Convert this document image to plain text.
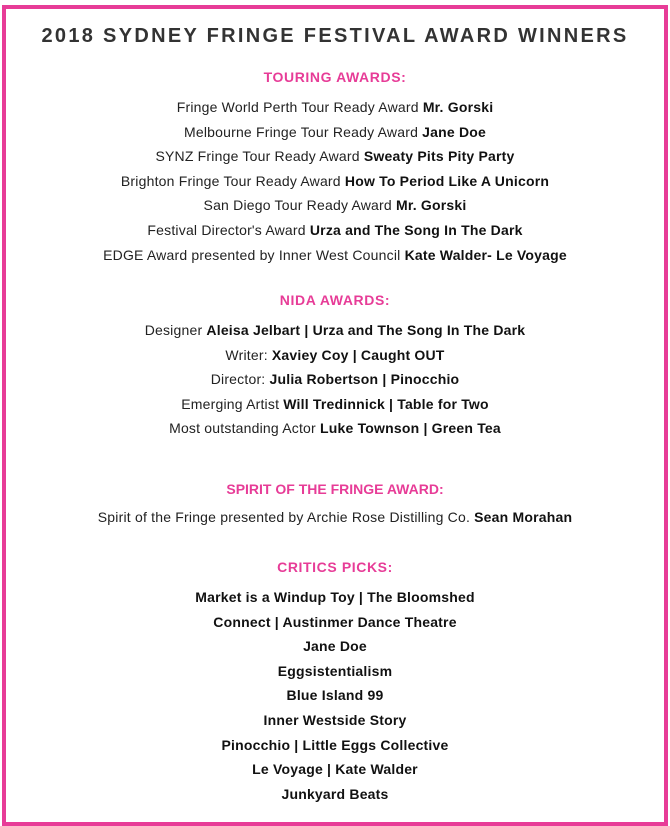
2018 SYDNEY FRINGE FESTIVAL AWARD WINNERS
TOURING AWARDS:
Fringe World Perth Tour Ready Award Mr. Gorski
Melbourne Fringe Tour Ready Award Jane Doe
SYNZ Fringe Tour Ready Award Sweaty Pits Pity Party
Brighton Fringe Tour Ready Award How To Period Like A Unicorn
San Diego Tour Ready Award Mr. Gorski
Festival Director's Award Urza and The Song In The Dark
EDGE Award presented by Inner West Council Kate Walder- Le Voyage
NIDA AWARDS:
Designer Aleisa Jelbart | Urza and The Song In The Dark
Writer: Xaviey Coy | Caught OUT
Director: Julia Robertson | Pinocchio
Emerging Artist Will Tredinnick | Table for Two
Most outstanding Actor Luke Townson | Green Tea
SPIRIT OF THE FRINGE AWARD:
Spirit of the Fringe presented by Archie Rose Distilling Co. Sean Morahan
CRITICS PICKS:
Market is a Windup Toy | The Bloomshed
Connect | Austinmer Dance Theatre
Jane Doe
Eggsistentialism
Blue Island 99
Inner Westside Story
Pinocchio | Little Eggs Collective
Le Voyage | Kate Walder
Junkyard Beats
